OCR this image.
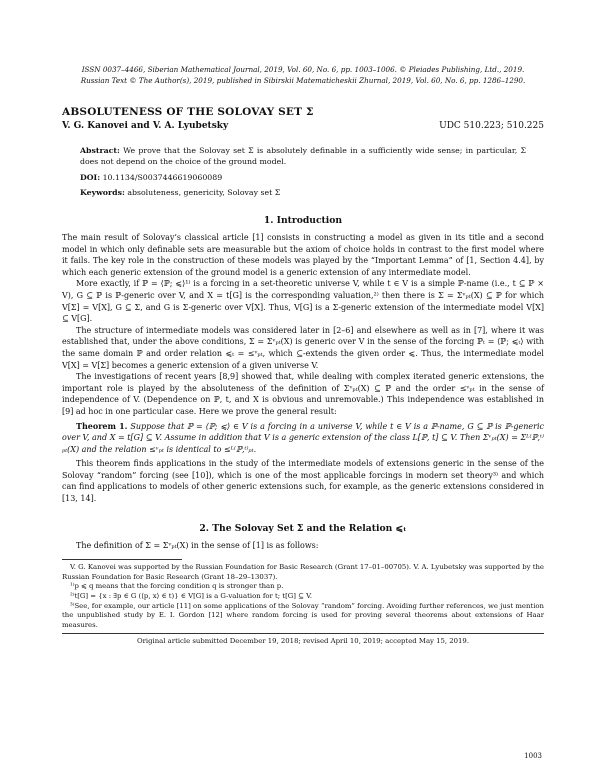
ISSN 0037–4466, Siberian Mathematical Journal, 2019, Vol. 60, No. 6, pp. 1003–1006. © Pleiades Publishing, Ltd., 2019.
Russian Text © The Author(s), 2019, published in Sibirskii Matematicheskii Zhurnal, 2019, Vol. 60, No. 6, pp. 1286–1290.
ABSOLUTENESS OF THE SOLOVAY SET Σ
V. G. Kanovei and V. A. Lyubetsky	UDC 510.223; 510.225
Abstract: We prove that the Solovay set Σ is absolutely definable in a sufficiently wide sense; in particular, Σ does not depend on the choice of the ground model.
DOI: 10.1134/S0037446619060089
Keywords: absoluteness, genericity, Solovay set Σ
1. Introduction

The main result of Solovay’s classical article [1] consists in constructing a model as given in its title and a second model in which only definable sets are measurable but the axiom of choice holds in contrast to the first model where it fails. The key role in the construction of these models was played by the “Important Lemma” of [1, Section 4.4], by which each generic extension of the ground model is a generic extension of any intermediate model.

More exactly, if ℙ = ⟨ℙ; ⩽⟩¹⁾ is a forcing in a set-theoretic universe V, while t ∈ V is a simple ℙ-name (i.e., t ⊆ ℙ × V), G ⊆ ℙ is ℙ-generic over V, and X = t[G] is the corresponding valuation,²⁾ then there is Σ = Σᵛₚₜ(X) ⊆ ℙ for which V[Σ] = V[X], G ⊆ Σ, and G is Σ-generic over V[X]. Thus, V[G] is a Σ-generic extension of the intermediate model V[X] ⊆ V[G].

The structure of intermediate models was considered later in [2–6] and elsewhere as well as in [7], where it was established that, under the above conditions, Σ = Σᵛₚₜ(X) is generic over V in the sense of the forcing ℙₜ = ⟨ℙ; ⩽ₜ⟩ with the same domain ℙ and order relation ⩽ₜ = ≤ᵛₚₜ, which ⊆-extends the given order ⩽. Thus, the intermediate model V[X] = V[Σ] becomes a generic extension of a given universe V.

The investigations of recent years [8,9] showed that, while dealing with complex iterated generic extensions, the important role is played by the absoluteness of the definition of Σᵛₚₜ(X) ⊆ ℙ and the order ≤ᵛₚₜ in the sense of independence of V. (Dependence on ℙ, t, and X is obvious and unremovable.) This independence was established in [9] ad hoc in one particular case. Here we prove the general result:

Theorem 1. Suppose that ℙ = ⟨ℙ; ⩽⟩ ∈ V is a forcing in a universe V, while t ∈ V is a ℙ-name, G ⊆ ℙ is ℙ-generic over V, and X = t[G] ⊆ V. Assume in addition that V is a generic extension of the class L[ℙ, t] ⊆ V. Then Σᵛₚₜ(X) = Σᴸ⁽ℙ,ᵗ⁾ₚₜ(X) and the relation ≤ᵛₚₜ is identical to ≤ᴸ⁽ℙ,ᵗ⁾ₚₜ.

This theorem finds applications in the study of the intermediate models of extensions generic in the sense of the Solovay “random” forcing (see [10]), which is one of the most applicable forcings in modern set theory³⁾ and which can find applications to models of other generic extensions such, for example, as the generic extensions considered in [13, 14].

2. The Solovay Set Σ and the Relation ⩽ₜ

The definition of Σ = Σᵛₚₜ(X) in the sense of [1] is as follows:

V. G. Kanovei was supported by the Russian Foundation for Basic Research (Grant 17–01–00705). V. A. Lyubetsky was supported by the Russian Foundation for Basic Research (Grant 18–29–13037).

¹⁾p ⩽ q means that the forcing condition q is stronger than p.

²⁾t[G] = {x : ∃p ∈ G (⟨p, x⟩ ∈ t)} ∈ V[G] is a G-valuation for t; t[G] ⊆ V.

³⁾See, for example, our article [11] on some applications of the Solovay “random” forcing. Avoiding further references, we just mention the unpublished study by E. I. Gordon [12] where random forcing is used for proving several theorems about extensions of Haar measures.

Original article submitted December 19, 2018; revised April 10, 2019; accepted May 15, 2019.
1003
